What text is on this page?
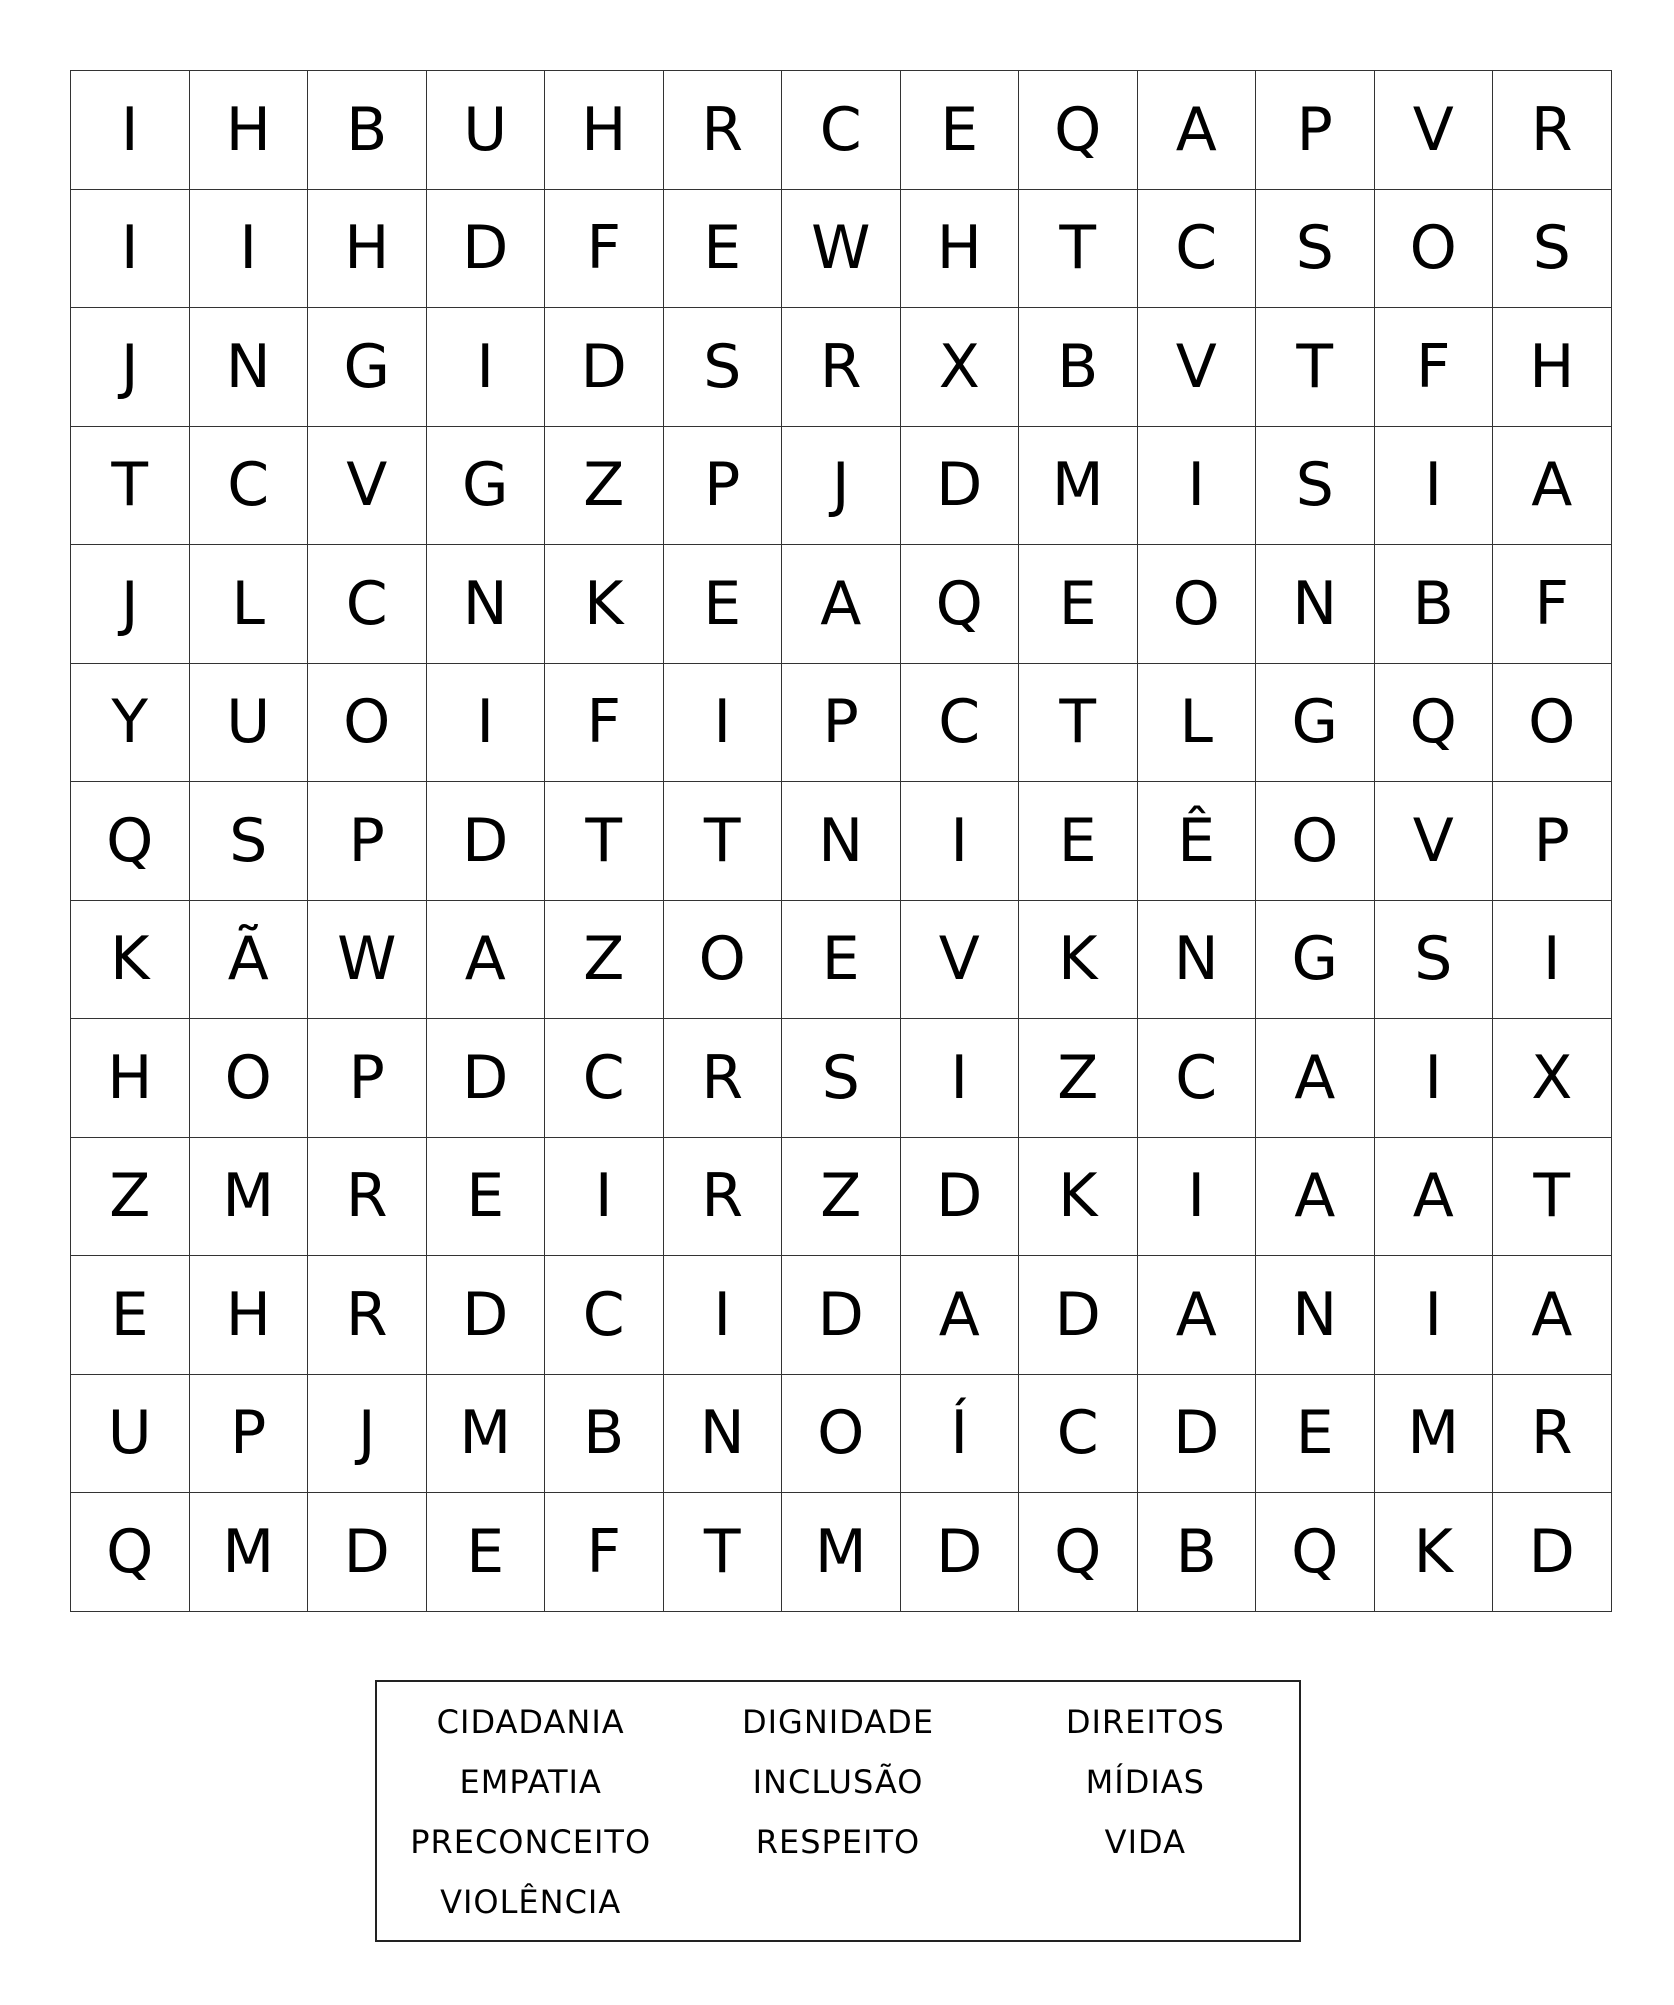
I	H	B	U	H	R	C	E	Q	A	P	V	R
I	I	H	D	F	E	W	H	T	C	S	O	S
J	N	G	I	D	S	R	X	B	V	T	F	H
T	C	V	G	Z	P	J	D	M	I	S	I	A
J	L	C	N	K	E	A	Q	E	O	N	B	F
Y	U	O	I	F	I	P	C	T	L	G	Q	O
Q	S	P	D	T	T	N	I	E	Ê	O	V	P
K	Ã	W	A	Z	O	E	V	K	N	G	S	I
H	O	P	D	C	R	S	I	Z	C	A	I	X
Z	M	R	E	I	R	Z	D	K	I	A	A	T
E	H	R	D	C	I	D	A	D	A	N	I	A
U	P	J	M	B	N	O	Í	C	D	E	M	R
Q	M	D	E	F	T	M	D	Q	B	Q	K	D
CIDADANIA	DIGNIDADE	DIREITOS
EMPATIA	INCLUSÃO	MÍDIAS
PRECONCEITO	RESPEITO	VIDA
VIOLÊNCIA
